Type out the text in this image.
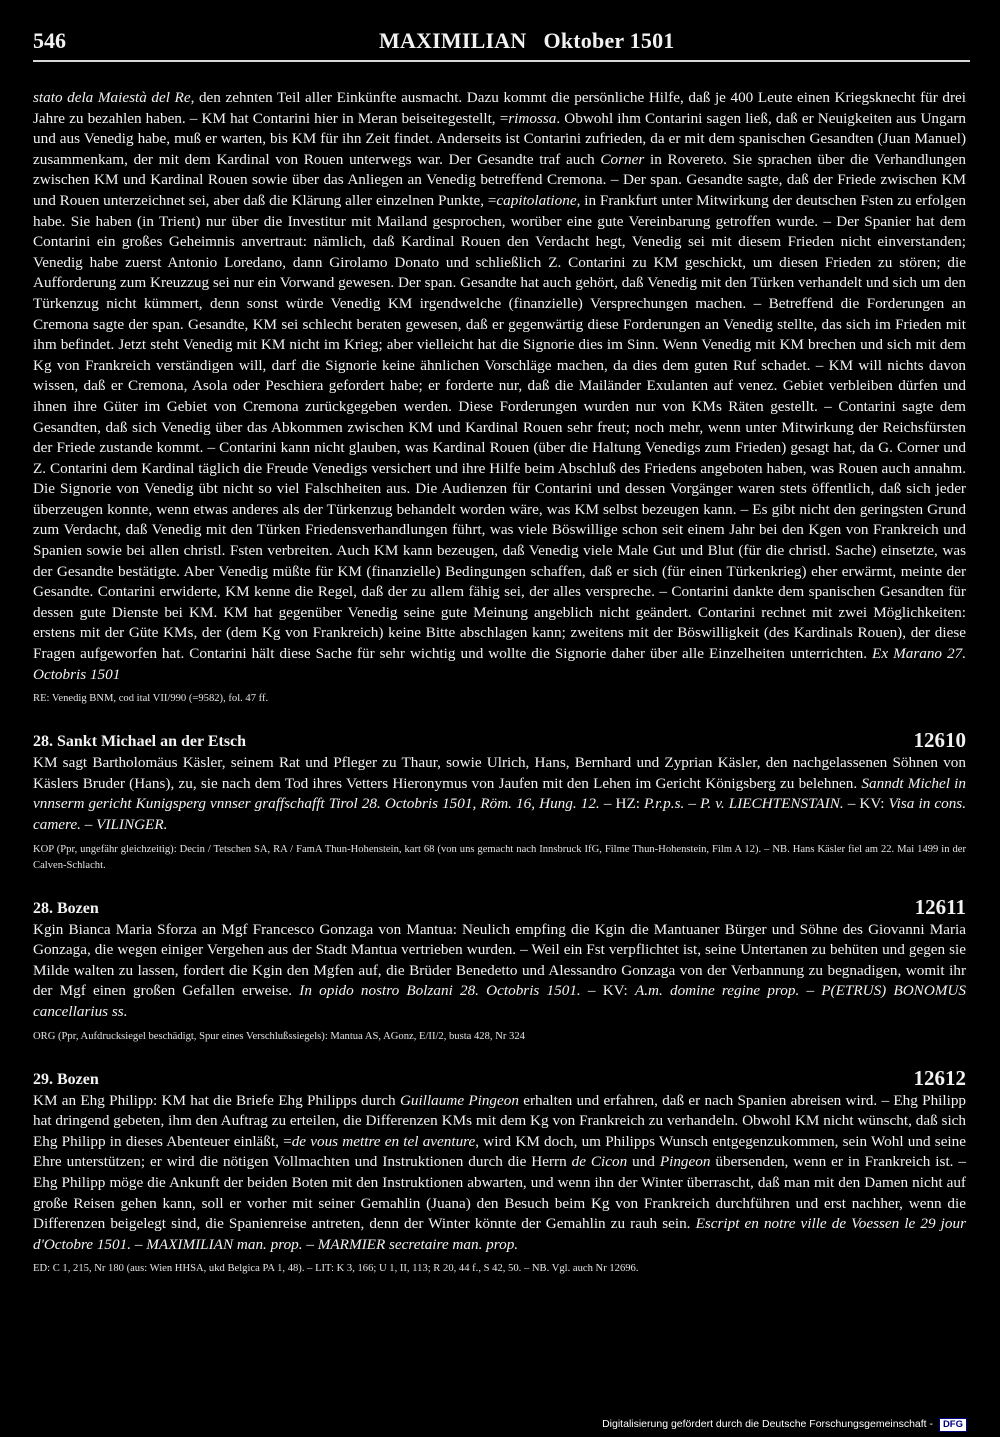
546	MAXIMILIAN   Oktober 1501

stato dela Maiestà del Re, den zehnten Teil aller Einkünfte ausmacht. Dazu kommt die persönliche Hilfe, daß je 400 Leute einen Kriegsknecht für drei Jahre zu bezahlen haben. – KM hat Contarini hier in Meran beiseitegestellt, =rimossa. Obwohl ihm Contarini sagen ließ, daß er Neuigkeiten aus Ungarn und aus Venedig habe, muß er warten, bis KM für ihn Zeit findet. Anderseits ist Contarini zufrieden, da er mit dem spanischen Gesandten (Juan Manuel) zusammenkam, der mit dem Kardinal von Rouen unterwegs war. Der Gesandte traf auch Corner in Rovereto. Sie sprachen über die Verhandlungen zwischen KM und Kardinal Rouen sowie über das Anliegen an Venedig betreffend Cremona. – Der span. Gesandte sagte, daß der Friede zwischen KM und Rouen unterzeichnet sei, aber daß die Klärung aller einzelnen Punkte, =capitolatione, in Frankfurt unter Mitwirkung der deutschen Fsten zu erfolgen habe. Sie haben (in Trient) nur über die Investitur mit Mailand gesprochen, worüber eine gute Vereinbarung getroffen wurde. – Der Spanier hat dem Contarini ein großes Geheimnis anvertraut: nämlich, daß Kardinal Rouen den Verdacht hegt, Venedig sei mit diesem Frieden nicht einverstanden; Venedig habe zuerst Antonio Loredano, dann Girolamo Donato und schließlich Z. Contarini zu KM geschickt, um diesen Frieden zu stören; die Aufforderung zum Kreuzzug sei nur ein Vorwand gewesen. Der span. Gesandte hat auch gehört, daß Venedig mit den Türken verhandelt und sich um den Türkenzug nicht kümmert, denn sonst würde Venedig KM irgendwelche (finanzielle) Versprechungen machen. – Betreffend die Forderungen an Cremona sagte der span. Gesandte, KM sei schlecht beraten gewesen, daß er gegenwärtig diese Forderungen an Venedig stellte, das sich im Frieden mit ihm befindet. Jetzt steht Venedig mit KM nicht im Krieg; aber vielleicht hat die Signorie dies im Sinn. Wenn Venedig mit KM brechen und sich mit dem Kg von Frankreich verständigen will, darf die Signorie keine ähnlichen Vorschläge machen, da dies dem guten Ruf schadet. – KM will nichts davon wissen, daß er Cremona, Asola oder Peschiera gefordert habe; er forderte nur, daß die Mailänder Exulanten auf venez. Gebiet verbleiben dürfen und ihnen ihre Güter im Gebiet von Cremona zurückgegeben werden. Diese Forderungen wurden nur von KMs Räten gestellt. – Contarini sagte dem Gesandten, daß sich Venedig über das Abkommen zwischen KM und Kardinal Rouen sehr freut; noch mehr, wenn unter Mitwirkung der Reichsfürsten der Friede zustande kommt. – Contarini kann nicht glauben, was Kardinal Rouen (über die Haltung Venedigs zum Frieden) gesagt hat, da G. Corner und Z. Contarini dem Kardinal täglich die Freude Venedigs versichert und ihre Hilfe beim Abschluß des Friedens angeboten haben, was Rouen auch annahm. Die Signorie von Venedig übt nicht so viel Falschheiten aus. Die Audienzen für Contarini und dessen Vorgänger waren stets öffentlich, daß sich jeder überzeugen konnte, wenn etwas anderes als der Türkenzug behandelt worden wäre, was KM selbst bezeugen kann. – Es gibt nicht den geringsten Grund zum Verdacht, daß Venedig mit den Türken Friedensverhandlungen führt, was viele Böswillige schon seit einem Jahr bei den Kgen von Frankreich und Spanien sowie bei allen christl. Fsten verbreiten. Auch KM kann bezeugen, daß Venedig viele Male Gut und Blut (für die christl. Sache) einsetzte, was der Gesandte bestätigte. Aber Venedig müßte für KM (finanzielle) Bedingungen schaffen, daß er sich (für einen Türkenkrieg) eher erwärmt, meinte der Gesandte. Contarini erwiderte, KM kenne die Regel, daß der zu allem fähig sei, der alles verspreche. – Contarini dankte dem spanischen Gesandten für dessen gute Dienste bei KM. KM hat gegenüber Venedig seine gute Meinung angeblich nicht geändert. Contarini rechnet mit zwei Möglichkeiten: erstens mit der Güte KMs, der (dem Kg von Frankreich) keine Bitte abschlagen kann; zweitens mit der Böswilligkeit (des Kardinals Rouen), der diese Fragen aufgeworfen hat. Contarini hält diese Sache für sehr wichtig und wollte die Signorie daher über alle Einzelheiten unterrichten. Ex Marano 27. Octobris 1501

RE: Venedig BNM, cod ital VII/990 (=9582), fol. 47 ff.

28. Sankt Michael an der Etsch	12610

KM sagt Bartholomäus Käsler, seinem Rat und Pfleger zu Thaur, sowie Ulrich, Hans, Bernhard und Zyprian Käsler, den nachgelassenen Söhnen von Käslers Bruder (Hans), zu, sie nach dem Tod ihres Vetters Hieronymus von Jaufen mit den Lehen im Gericht Königsberg zu belehnen. Sanndt Michel in vnnserm gericht Kunigsperg vnnser graffschafft Tirol 28. Octobris 1501, Röm. 16, Hung. 12. – HZ: P.r.p.s. – P. v. LIECHTENSTAIN. – KV: Visa in cons. camere. – VILINGER.

KOP (Ppr, ungefähr gleichzeitig): Decin / Tetschen SA, RA / FamA Thun-Hohenstein, kart 68 (von uns gemacht nach Innsbruck IfG, Filme Thun-Hohenstein, Film A 12). – NB. Hans Käsler fiel am 22. Mai 1499 in der Calven-Schlacht.

28. Bozen	12611

Kgin Bianca Maria Sforza an Mgf Francesco Gonzaga von Mantua: Neulich empfing die Kgin die Mantuaner Bürger und Söhne des Giovanni Maria Gonzaga, die wegen einiger Vergehen aus der Stadt Mantua vertrieben wurden. – Weil ein Fst verpflichtet ist, seine Untertanen zu behüten und gegen sie Milde walten zu lassen, fordert die Kgin den Mgfen auf, die Brüder Benedetto und Alessandro Gonzaga von der Verbannung zu begnadigen, womit ihr der Mgf einen großen Gefallen erweise. In opido nostro Bolzani 28. Octobris 1501. – KV: A.m. domine regine prop. – P(ETRUS) BONOMUS cancellarius ss.

ORG (Ppr, Aufdrucksiegel beschädigt, Spur eines Verschlußssiegels): Mantua AS, AGonz, E/II/2, busta 428, Nr 324

29. Bozen	12612

KM an Ehg Philipp: KM hat die Briefe Ehg Philipps durch Guillaume Pingeon erhalten und erfahren, daß er nach Spanien abreisen wird. – Ehg Philipp hat dringend gebeten, ihm den Auftrag zu erteilen, die Differenzen KMs mit dem Kg von Frankreich zu verhandeln. Obwohl KM nicht wünscht, daß sich Ehg Philipp in dieses Abenteuer einläßt, =de vous mettre en tel aventure, wird KM doch, um Philipps Wunsch entgegenzukommen, sein Wohl und seine Ehre unterstützen; er wird die nötigen Vollmachten und Instruktionen durch die Herrn de Cicon und Pingeon übersenden, wenn er in Frankreich ist. – Ehg Philipp möge die Ankunft der beiden Boten mit den Instruktionen abwarten, und wenn ihn der Winter überrascht, daß man mit den Damen nicht auf große Reisen gehen kann, soll er vorher mit seiner Gemahlin (Juana) den Besuch beim Kg von Frankreich durchführen und erst nachher, wenn die Differenzen beigelegt sind, die Spanienreise antreten, denn der Winter könnte der Gemahlin zu rauh sein. Escript en notre ville de Voessen le 29 jour d'Octobre 1501. – MAXIMILIAN man. prop. – MARMIER secretaire man. prop.

ED: C 1, 215, Nr 180 (aus: Wien HHSA, ukd Belgica PA 1, 48). – LIT: K 3, 166; U 1, II, 113; R 20, 44 f., S 42, 50. – NB. Vgl. auch Nr 12696.

Digitalisierung gefördert durch die Deutsche Forschungsgemeinschaft - DFG
